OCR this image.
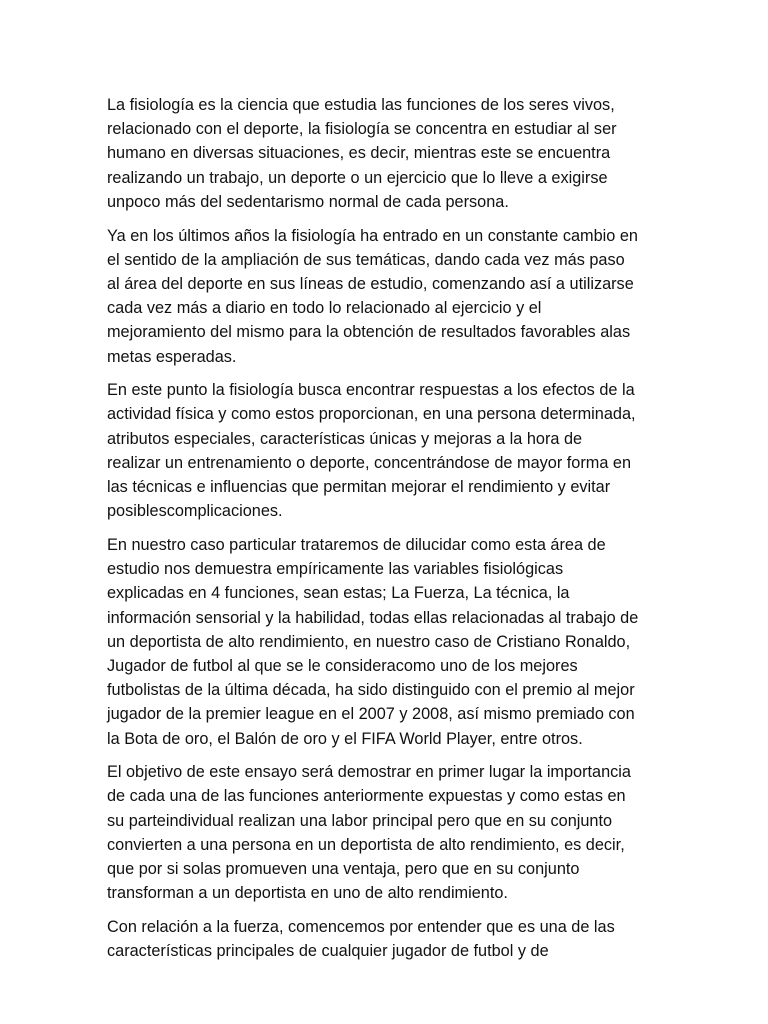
La fisiología es la ciencia que estudia las funciones de los seres vivos,
relacionado con el deporte, la fisiología se concentra en estudiar al ser
humano en diversas situaciones, es decir, mientras este se encuentra
realizando un trabajo, un deporte o un ejercicio que lo lleve a exigirse
unpoco más del sedentarismo normal de cada persona.

Ya en los últimos años la fisiología ha entrado en un constante cambio en
el sentido de la ampliación de sus temáticas, dando cada vez más paso
al área del deporte en sus líneas de estudio, comenzando así a utilizarse
cada vez más a diario en todo lo relacionado al ejercicio y el
mejoramiento del mismo para la obtención de resultados favorables alas
metas esperadas.

En este punto la fisiología busca encontrar respuestas a los efectos de la
actividad física y como estos proporcionan, en una persona determinada,
atributos especiales, características únicas y mejoras a la hora de
realizar un entrenamiento o deporte, concentrándose de mayor forma en
las técnicas e influencias que permitan mejorar el rendimiento y evitar
posiblescomplicaciones.

En nuestro caso particular trataremos de dilucidar como esta área de
estudio nos demuestra empíricamente las variables fisiológicas
explicadas en 4 funciones, sean estas; La Fuerza, La técnica, la
información sensorial y la habilidad, todas ellas relacionadas al trabajo de
un deportista de alto rendimiento, en nuestro caso de Cristiano Ronaldo,
Jugador de futbol al que se le consideracomo uno de los mejores
futbolistas de la última década, ha sido distinguido con el premio al mejor
jugador de la premier league en el 2007 y 2008, así mismo premiado con
la Bota de oro, el Balón de oro y el FIFA World Player, entre otros.

El objetivo de este ensayo será demostrar en primer lugar la importancia
de cada una de las funciones anteriormente expuestas y como estas en
su parteindividual realizan una labor principal pero que en su conjunto
convierten a una persona en un deportista de alto rendimiento, es decir,
que por si solas promueven una ventaja, pero que en su conjunto
transforman a un deportista en uno de alto rendimiento.

Con relación a la fuerza, comencemos por entender que es una de las
características principales de cualquier jugador de futbol y de
